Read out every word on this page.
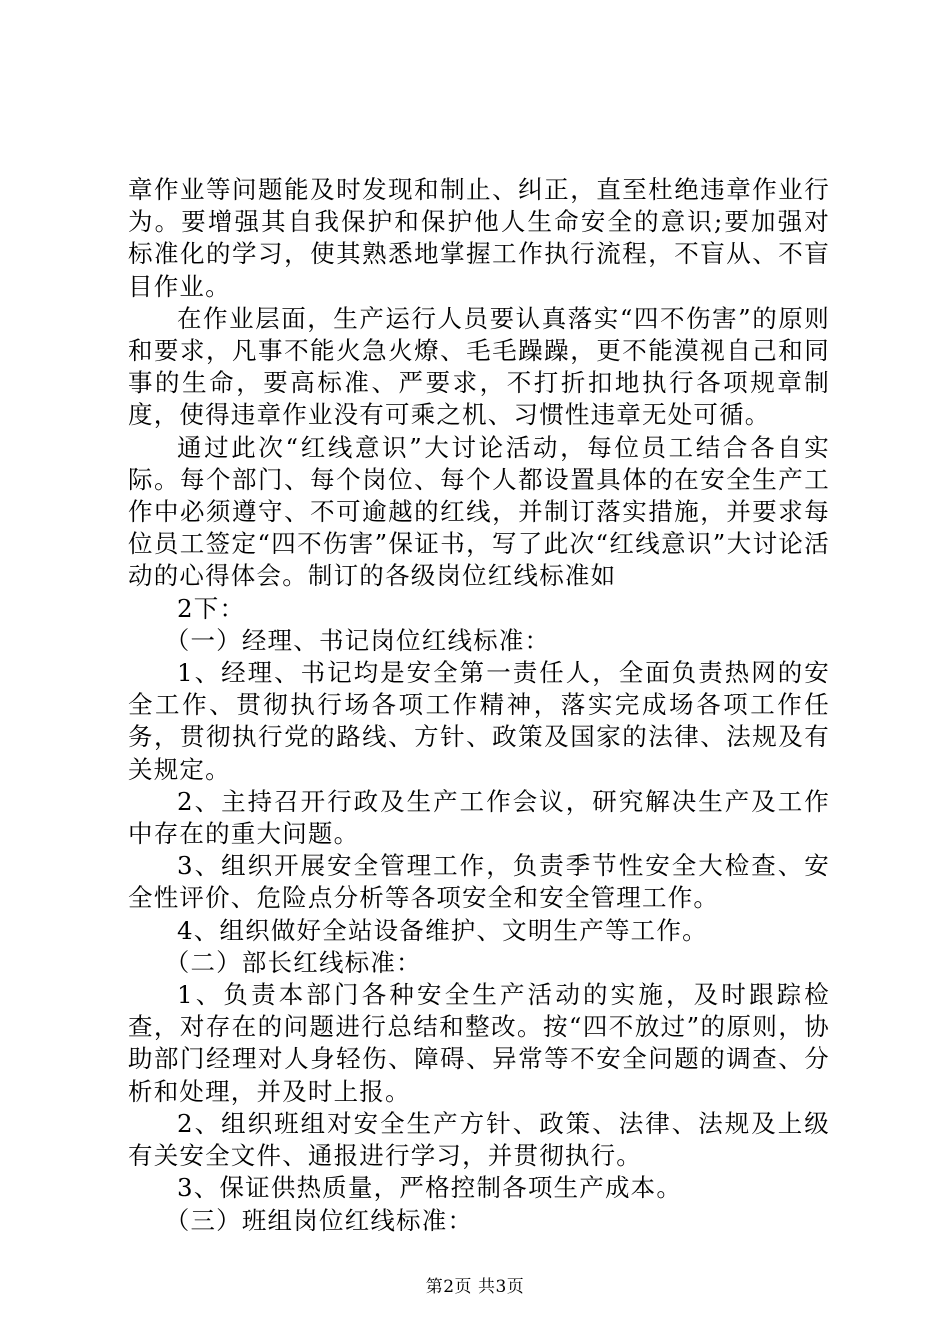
章作业等问题能及时发现和制止、纠正，直至杜绝违章作业行为。要增强其自我保护和保护他人生命安全的意识;要加强对标准化的学习，使其熟悉地掌握工作执行流程，不盲从、不盲目作业。

在作业层面，生产运行人员要认真落实“四不伤害”的原则和要求，凡事不能火急火燎、毛毛躁躁，更不能漠视自己和同事的生命，要高标准、严要求，不打折扣地执行各项规章制度，使得违章作业没有可乘之机、习惯性违章无处可循。

通过此次“红线意识”大讨论活动，每位员工结合各自实际。每个部门、每个岗位、每个人都设置具体的在安全生产工作中必须遵守、不可逾越的红线，并制订落实措施，并要求每位员工签定“四不伤害”保证书，写了此次“红线意识”大讨论活动的心得体会。制订的各级岗位红线标准如

2下：

（一）经理、书记岗位红线标准：

1、经理、书记均是安全第一责任人，全面负责热网的安全工作、贯彻执行场各项工作精神，落实完成场各项工作任务，贯彻执行党的路线、方针、政策及国家的法律、法规及有关规定。

2、主持召开行政及生产工作会议，研究解决生产及工作中存在的重大问题。

3、组织开展安全管理工作，负责季节性安全大检查、安全性评价、危险点分析等各项安全和安全管理工作。

4、组织做好全站设备维护、文明生产等工作。

（二）部长红线标准：

1、负责本部门各种安全生产活动的实施，及时跟踪检查，对存在的问题进行总结和整改。按“四不放过”的原则，协助部门经理对人身轻伤、障碍、异常等不安全问题的调查、分析和处理，并及时上报。

2、组织班组对安全生产方针、政策、法律、法规及上级有关安全文件、通报进行学习，并贯彻执行。

3、保证供热质量，严格控制各项生产成本。

（三）班组岗位红线标准：

第2页 共3页
